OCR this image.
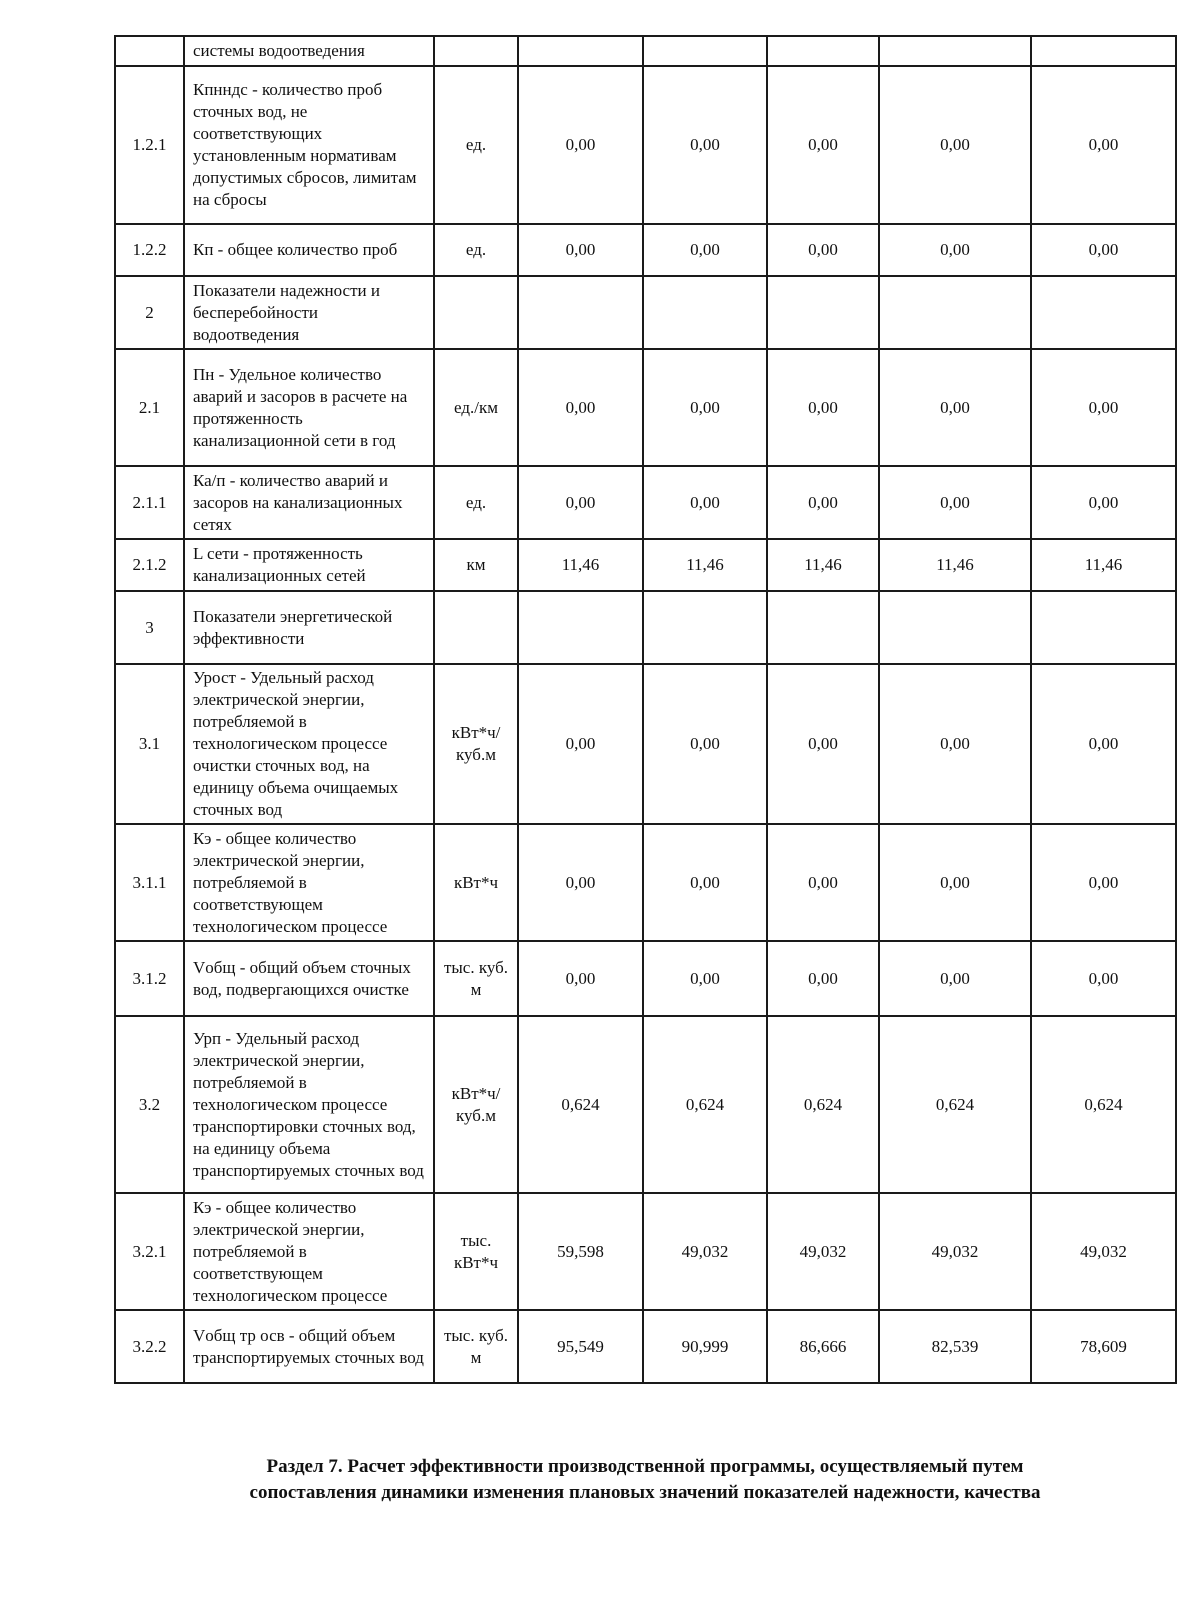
	системы водоотведения						
1.2.1	Кпнндс - количество проб сточных вод, не соответствующих установленным нормативам допустимых сбросов, лимитам на сбросы	ед.	0,00	0,00	0,00	0,00	0,00
1.2.2	Кп - общее количество проб	ед.	0,00	0,00	0,00	0,00	0,00
2	Показатели надежности и бесперебойности водоотведения						
2.1	Пн - Удельное количество аварий и засоров в расчете на протяженность канализационной сети в год	ед./км	0,00	0,00	0,00	0,00	0,00
2.1.1	Ка/п - количество аварий и засоров на канализационных сетях	ед.	0,00	0,00	0,00	0,00	0,00
2.1.2	L сети - протяженность канализационных сетей	км	11,46	11,46	11,46	11,46	11,46
3	Показатели энергетической эффективности						
3.1	Урост - Удельный расход электрической энергии, потребляемой в технологическом процессе очистки сточных вод, на единицу объема очищаемых сточных вод	кВт*ч/ куб.м	0,00	0,00	0,00	0,00	0,00
3.1.1	Кэ - общее количество электрической энергии, потребляемой в соответствующем технологическом процессе	кВт*ч	0,00	0,00	0,00	0,00	0,00
3.1.2	Vобщ - общий объем сточных вод, подвергающихся очистке	тыс. куб. м	0,00	0,00	0,00	0,00	0,00
3.2	Урп - Удельный расход электрической энергии, потребляемой в технологическом процессе транспортировки сточных вод, на единицу объема транспортируемых сточных вод	кВт*ч/ куб.м	0,624	0,624	0,624	0,624	0,624
3.2.1	Кэ - общее количество электрической энергии, потребляемой в соответствующем технологическом процессе	тыс. кВт*ч	59,598	49,032	49,032	49,032	49,032
3.2.2	Vобщ тр осв - общий объем транспортируемых сточных вод	тыс. куб. м	95,549	90,999	86,666	82,539	78,609
Раздел 7. Расчет эффективности производственной программы, осуществляемый путем
сопоставления динамики изменения плановых значений показателей надежности, качества
